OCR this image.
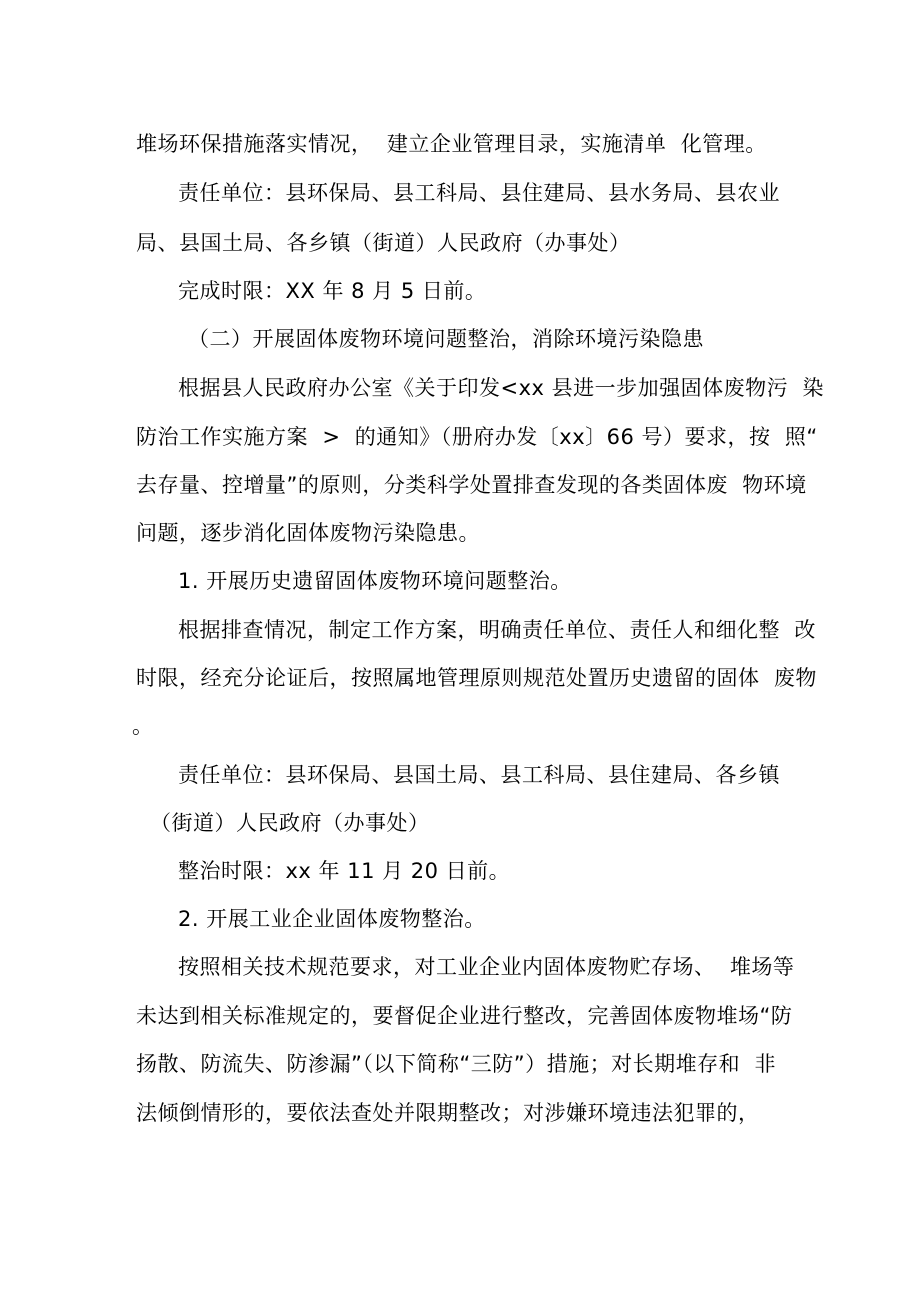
堆场环保措施落实情况，  建立企业管理目录，实施清单  化管理。
责任单位：县环保局、县工科局、县住建局、县水务局、县农业
局、县国土局、各乡镇（街道）人民政府（办事处）
完成时限：XX 年 8 月 5 日前。
（二）开展固体废物环境问题整治，消除环境污染隐患
根据县人民政府办公室《关于印发<xx 县进一步加强固体废物污  染
防治工作实施方案  >  的通知》（册府办发〔xx〕66 号）要求，按  照“
去存量、控增量”的原则，分类科学处置排查发现的各类固体废  物环境
问题，逐步消化固体废物污染隐患。
1. 开展历史遗留固体废物环境问题整治。
根据排查情况，制定工作方案，明确责任单位、责任人和细化整  改
时限，经充分论证后，按照属地管理原则规范处置历史遗留的固体  废物
。
责任单位：县环保局、县国土局、县工科局、县住建局、各乡镇
（街道）人民政府（办事处）
整治时限：xx 年 11 月 20 日前。
2. 开展工业企业固体废物整治。
按照相关技术规范要求，对工业企业内固体废物贮存场、  堆场等
未达到相关标准规定的，要督促企业进行整改，完善固体废物堆场“防
扬散、防流失、防渗漏”（以下简称“三防”）措施；对长期堆存和  非
法倾倒情形的，要依法查处并限期整改；对涉嫌环境违法犯罪的，
